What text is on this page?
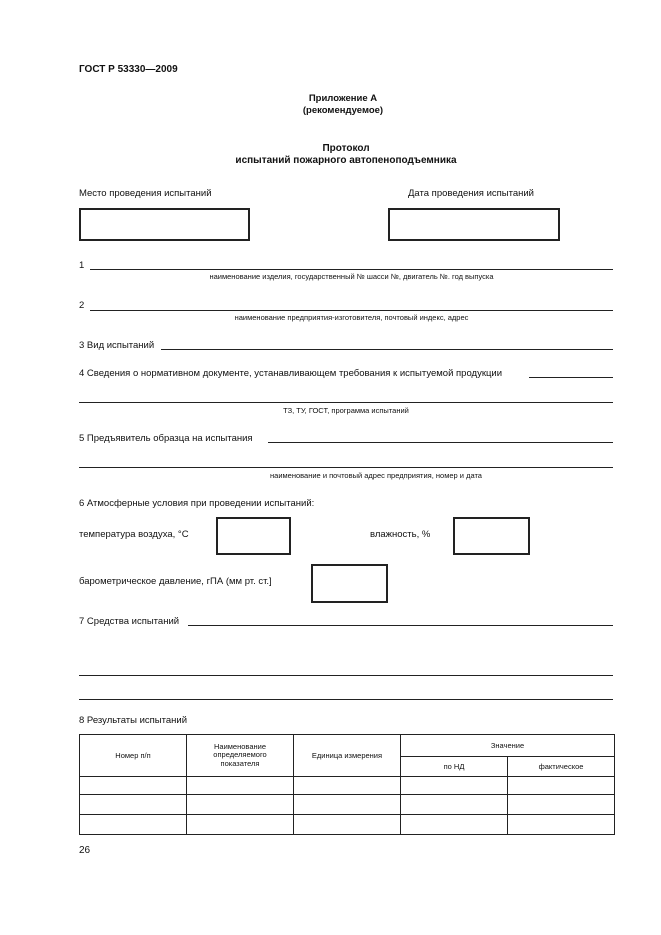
ГОСТ Р 53330—2009
Приложение А
(рекомендуемое)
Протокол
испытаний пожарного автопеноподъемника
Место проведения испытаний	Дата проведения испытаний
1
наименование изделия, государственный № шасси №, двигатель №. год выпуска
2
наименование предприятия-изготовителя, почтовый индекс, адрес
3 Вид испытаний
4 Сведения о нормативном документе, устанавливающем требования к испытуемой продукции
ТЗ, ТУ, ГОСТ, программа испытаний
5 Предъявитель образца на испытания
наименование и почтовый адрес предприятия, номер и дата
6 Атмосферные условия при проведении испытаний:
температура воздуха, °С	влажность, %
барометрическое давление, гПА (мм рт. ст.]
7 Средства испытаний
8 Результаты испытаний
Номер п/п	Наименование определяемого показателя	Единица измерения	Значение	
			по НД	фактическое

26
